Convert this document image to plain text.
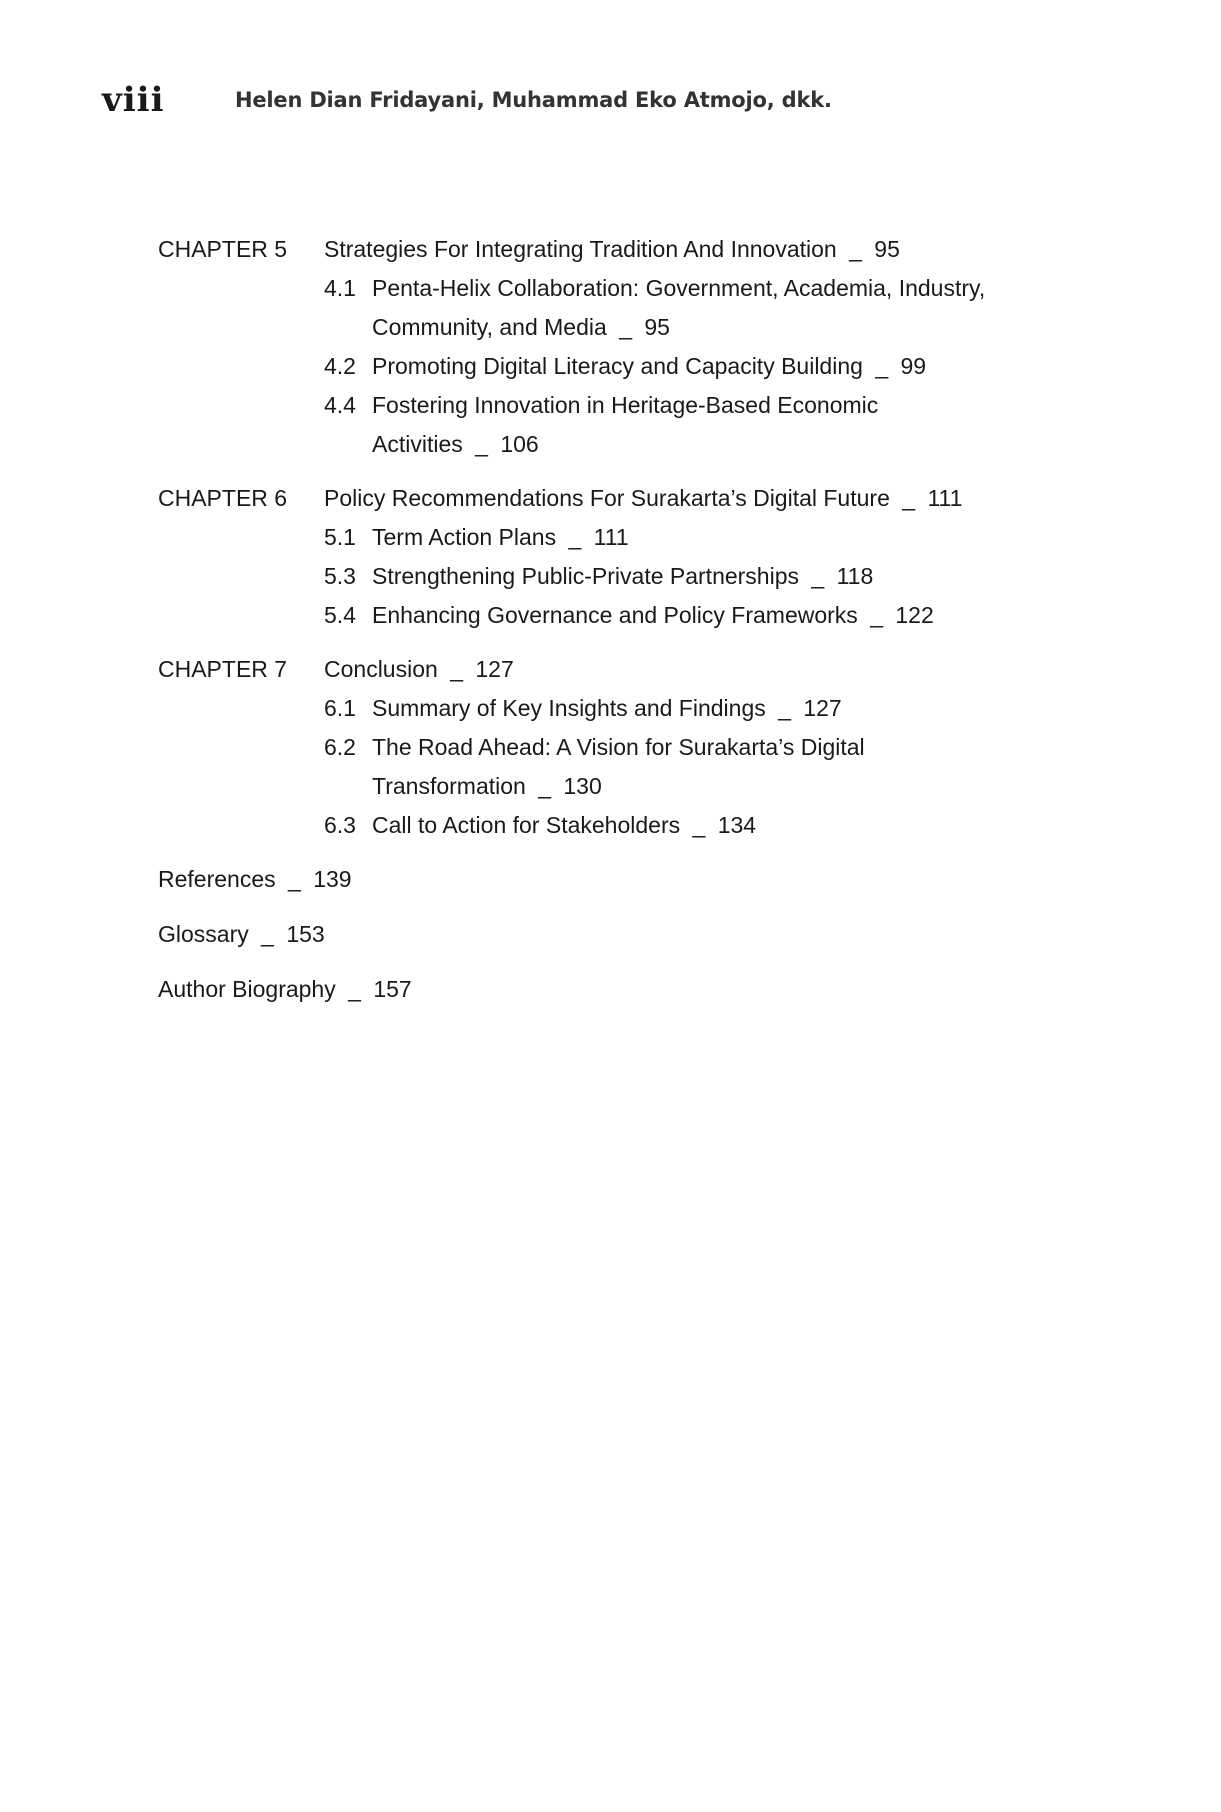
viii	Helen Dian Fridayani, Muhammad Eko Atmojo, dkk.
CHAPTER 5	Strategies For Integrating Tradition And Innovation _ 95
4.1 Penta-Helix Collaboration: Government, Academia, Industry, Community, and Media _ 95
4.2 Promoting Digital Literacy and Capacity Building _ 99
4.4 Fostering Innovation in Heritage-Based Economic Activities _ 106
CHAPTER 6	Policy Recommendations For Surakarta’s Digital Future _ 111
5.1 Term Action Plans _ 111
5.3 Strengthening Public-Private Partnerships _ 118
5.4 Enhancing Governance and Policy Frameworks _ 122
CHAPTER 7	Conclusion _ 127
6.1 Summary of Key Insights and Findings _ 127
6.2 The Road Ahead: A Vision for Surakarta’s Digital Transformation _ 130
6.3 Call to Action for Stakeholders _ 134
References _ 139
Glossary _ 153
Author Biography _ 157
